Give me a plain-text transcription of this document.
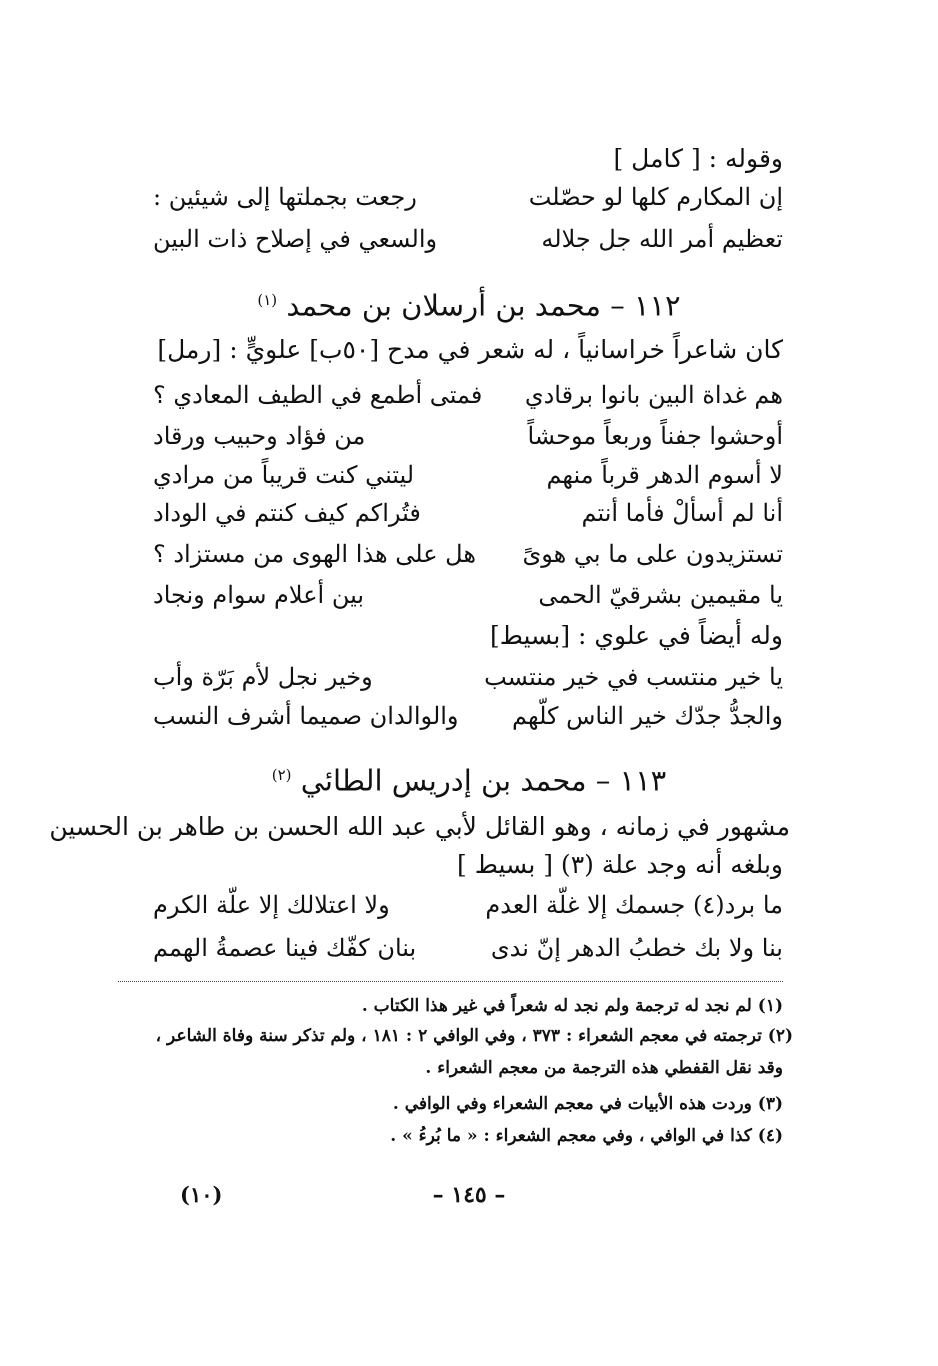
وقوله : [ كامل ]
إن المكارم كلها لو حصّلت
رجعت بجملتها إلى شيئين :
تعظيم أمر الله جل جلاله
والسعي في إصلاح ذات البين
١١٢ – محمد بن أرسلان بن محمد $^{(١)}$
كان شاعراً خراسانياً ، له شعر في مدح [٥٠ب] علويٍّ : [رمل]
هم غداة البين بانوا برقادي
فمتى أطمع في الطيف المعادي ؟
أوحشوا جفناً وربعاً موحشاً
من فؤاد وحبيب ورقاد
لا أسوم الدهر قرباً منهم
ليتني كنت قريباً من مرادي
أنا لم أسألْ فأما أنتم
فتُراكم كيف كنتم في الوداد
تستزيدون على ما بي هوىً
هل على هذا الهوى من مستزاد ؟
يا مقيمين بشرقيّ الحمى
بين أعلام سوام ونجاد
وله أيضاً في علوي : [بسيط]
يا خير منتسب في خير منتسب
وخير نجل لأم بَرّة وأب
والجدُّ جدّك خير الناس كلّهم
والوالدان صميما أشرف النسب
١١٣ – محمد بن إدريس الطائي $^{(٢)}$
مشهور في زمانه ، وهو القائل لأبي عبد الله الحسن بن طاهر بن الحسين
وبلغه أنه وجد علة (٣) [ بسيط ]
ما برد(٤) جسمك إلا غلّة العدم
ولا اعتلالك إلا علّة الكرم
بنا ولا بك خطبُ الدهر إنّ ندى
بنان كفّك فينا عصمةُ الهمم
(١) لم نجد له ترجمة ولم نجد له شعراً في غير هذا الكتاب .
(٢) ترجمته في معجم الشعراء : ٣٧٣ ، وفي الوافي ٢ : ١٨١ ، ولم تذكر سنة وفاة الشاعر ،
وقد نقل القفطي هذه الترجمة من معجم الشعراء .
(٣) وردت هذه الأبيات في معجم الشعراء وفي الوافي .
(٤) كذا في الوافي ، وفي معجم الشعراء : « ما بُرءُ » .
– ١٤٥ –
(١٠)
